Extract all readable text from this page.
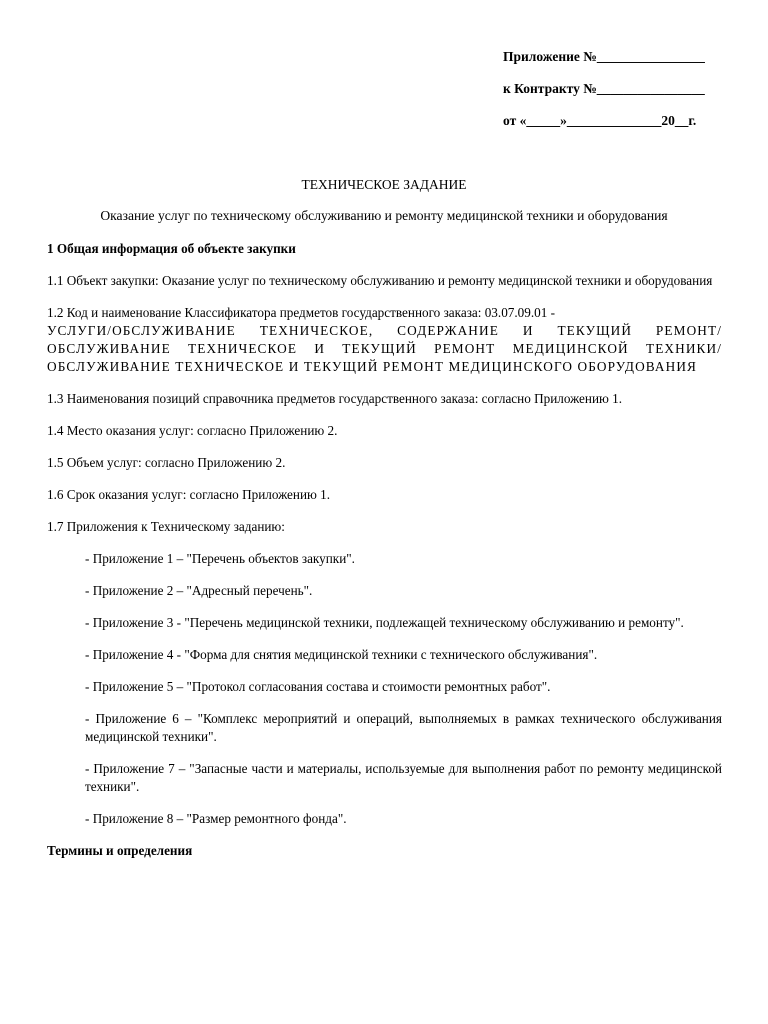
Приложение №________________
к Контракту №________________
от «_____»______________20__г.
ТЕХНИЧЕСКОЕ ЗАДАНИЕ
Оказание услуг по техническому обслуживанию и ремонту медицинской техники и оборудования

1 Общая информация об объекте закупки

1.1 Объект закупки: Оказание услуг по техническому обслуживанию и ремонту медицинской техники и оборудования

1.2 Код и наименование Классификатора предметов государственного заказа: 03.07.09.01 -

УСЛУГИ/ОБСЛУЖИВАНИЕ ТЕХНИЧЕСКОЕ, СОДЕРЖАНИЕ И ТЕКУЩИЙ РЕМОНТ/ОБСЛУЖИВАНИЕ ТЕХНИЧЕСКОЕ И ТЕКУЩИЙ РЕМОНТ МЕДИЦИНСКОЙ ТЕХНИКИ/ОБСЛУЖИВАНИЕ ТЕХНИЧЕСКОЕ И ТЕКУЩИЙ РЕМОНТ МЕДИЦИНСКОГО ОБОРУДОВАНИЯ

1.3 Наименования позиций справочника предметов государственного заказа: согласно Приложению 1.

1.4 Место оказания услуг: согласно Приложению 2.

1.5 Объем услуг: согласно Приложению 2.

1.6 Срок оказания услуг: согласно Приложению 1.

1.7 Приложения к Техническому заданию:

- Приложение 1 – "Перечень объектов закупки".

- Приложение 2 – "Адресный перечень".

- Приложение 3 - "Перечень медицинской техники, подлежащей техническому обслуживанию и ремонту".

- Приложение 4 - "Форма для снятия медицинской техники с технического обслуживания".

- Приложение 5 – "Протокол согласования состава и стоимости ремонтных работ".

- Приложение 6 – "Комплекс мероприятий и операций, выполняемых в рамках технического обслуживания медицинской техники".

- Приложение 7 – "Запасные части и материалы, используемые для выполнения работ по ремонту медицинской техники".

- Приложение 8 – "Размер ремонтного фонда".

Термины и определения
